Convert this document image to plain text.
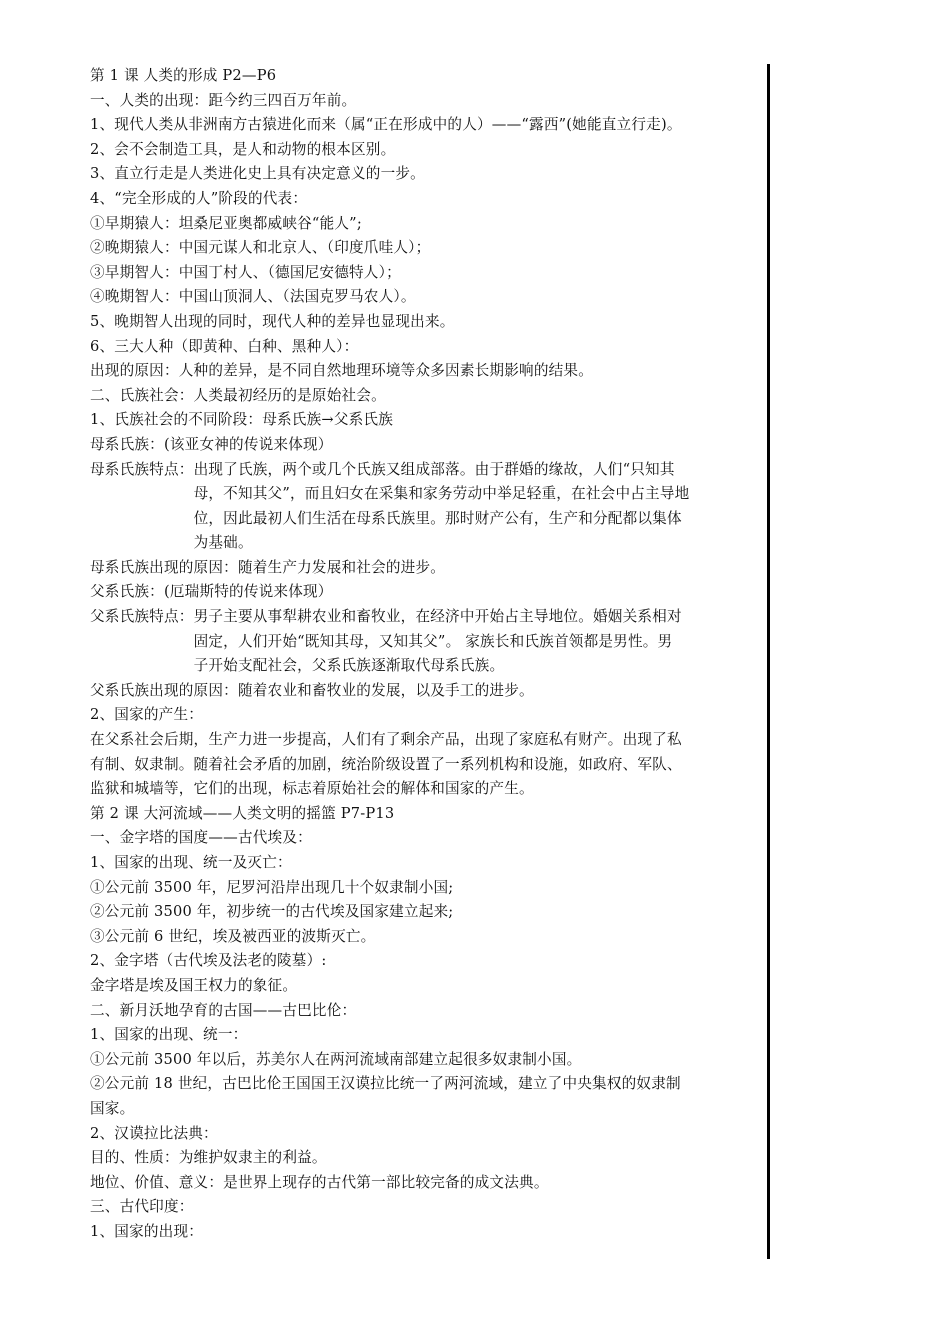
第 1 课 人类的形成 P2—P6
一、人类的出现：距今约三四百万年前。
1、现代人类从非洲南方古猿进化而来（属“正在形成中的人）——“露西”(她能直立行走)。
2、会不会制造工具，是人和动物的根本区别。
3、直立行走是人类进化史上具有决定意义的一步。
4、“完全形成的人”阶段的代表：
①早期猿人：坦桑尼亚奥都威峡谷“能人”;
②晚期猿人：中国元谋人和北京人、（印度爪哇人）；
③早期智人：中国丁村人、（德国尼安德特人）；
④晚期智人：中国山顶洞人、（法国克罗马农人）。
5、晚期智人出现的同时，现代人种的差异也显现出来。
6、三大人种（即黄种、白种、黑种人）：
出现的原因：人种的差异，是不同自然地理环境等众多因素长期影响的结果。
二、氏族社会：人类最初经历的是原始社会。
1、氏族社会的不同阶段：母系氏族→父系氏族
母系氏族：(该亚女神的传说来体现）
母系氏族特点： 出现了氏族，两个或几个氏族又组成部落。由于群婚的缘故，人们“只知其
母，不知其父”，而且妇女在采集和家务劳动中举足轻重，在社会中占主导地
位，因此最初人们生活在母系氏族里。那时财产公有，生产和分配都以集体
为基础。
母系氏族出现的原因：随着生产力发展和社会的进步。
父系氏族：(厄瑞斯特的传说来体现）
父系氏族特点： 男子主要从事犁耕农业和畜牧业，在经济中开始占主导地位。婚姻关系相对
固定，人们开始“既知其母，又知其父”。 家族长和氏族首领都是男性。男
子开始支配社会，父系氏族逐渐取代母系氏族。
父系氏族出现的原因：随着农业和畜牧业的发展，以及手工的进步。
2、国家的产生：
在父系社会后期，生产力进一步提高，人们有了剩余产品，出现了家庭私有财产。出现了私
有制、奴隶制。随着社会矛盾的加剧，统治阶级设置了一系列机构和设施，如政府、军队、
监狱和城墙等，它们的出现，标志着原始社会的解体和国家的产生。
第 2 课 大河流域——人类文明的摇篮 P7-P13
一、金字塔的国度——古代埃及：
1、国家的出现、统一及灭亡：
①公元前 3500 年，尼罗河沿岸出现几十个奴隶制小国;
②公元前 3500 年，初步统一的古代埃及国家建立起来;
③公元前 6 世纪，埃及被西亚的波斯灭亡。
2、金字塔（古代埃及法老的陵墓）:
金字塔是埃及国王权力的象征。
二、新月沃地孕育的古国——古巴比伦：
1、国家的出现、统一：
①公元前 3500 年以后，苏美尔人在两河流域南部建立起很多奴隶制小国。
②公元前 18 世纪，古巴比伦王国国王汉谟拉比统一了两河流域，建立了中央集权的奴隶制
国家。
2、汉谟拉比法典：
目的、性质：为维护奴隶主的利益。
地位、价值、意义：是世界上现存的古代第一部比较完备的成文法典。
三、古代印度：
1、国家的出现：
